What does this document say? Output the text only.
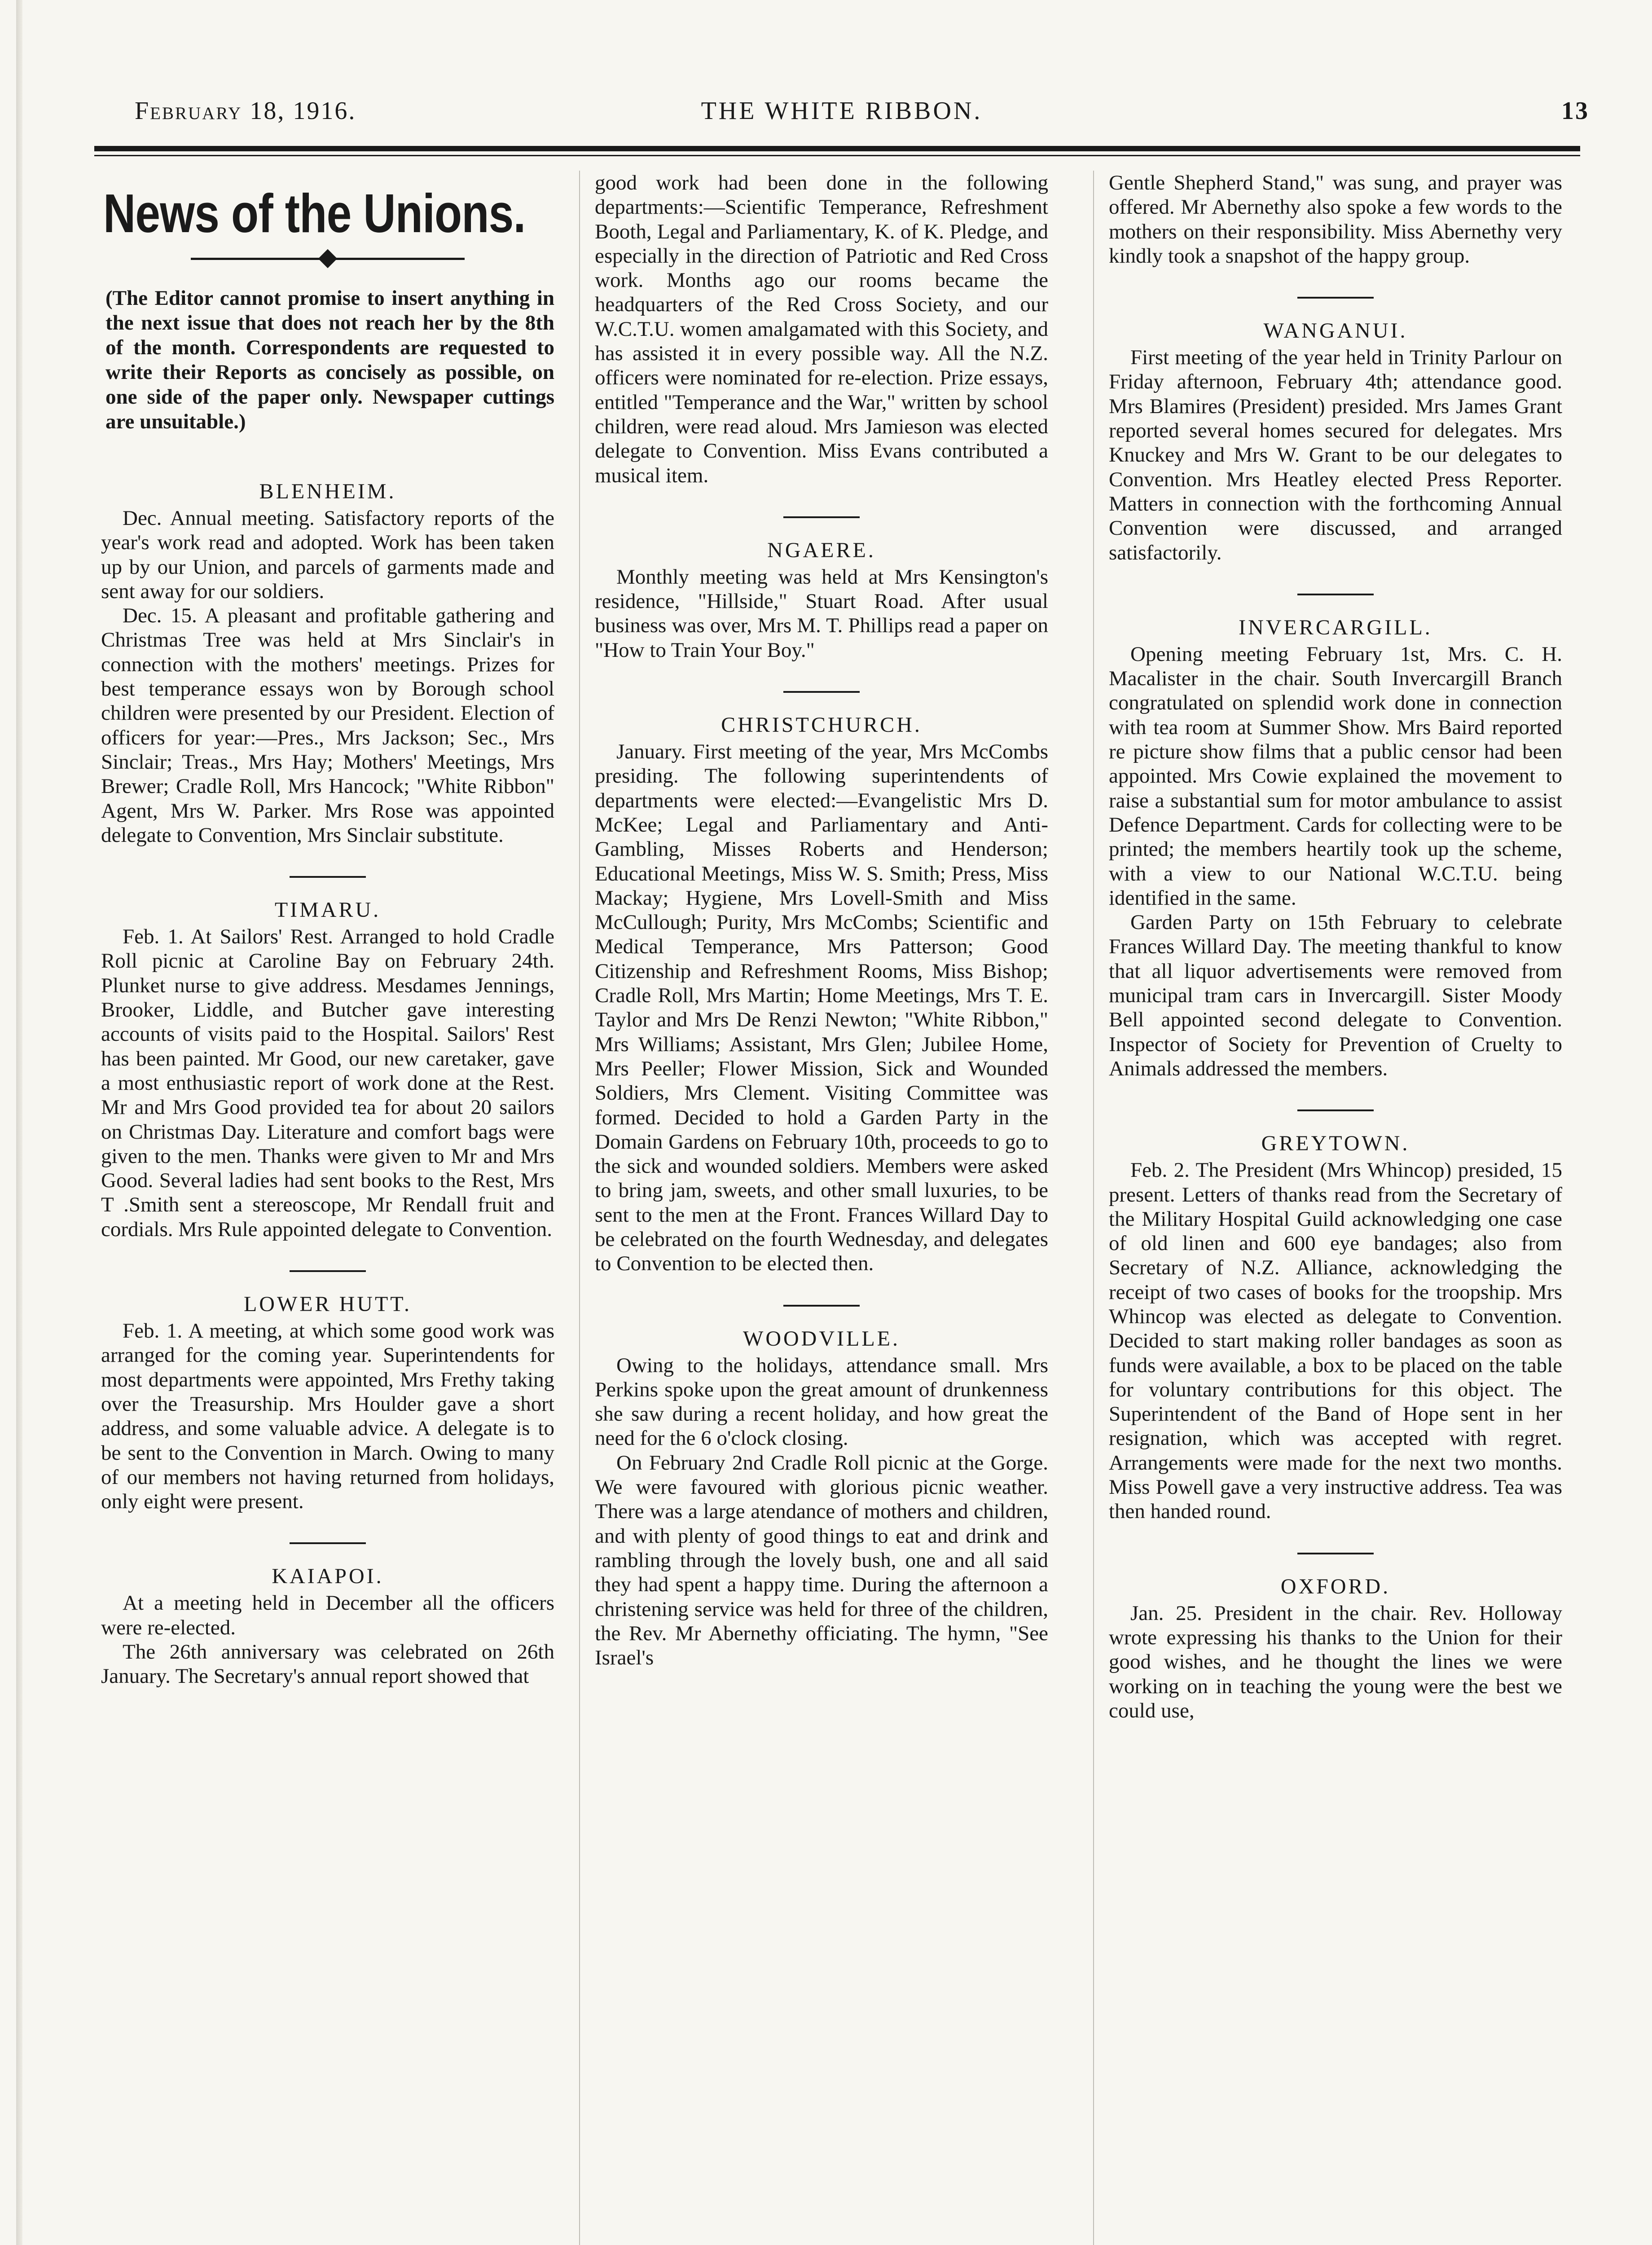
February 18, 1916.	THE WHITE RIBBON.	13
News of the Unions.

(The Editor cannot promise to insert anything in the next issue that does not reach her by the 8th of the month. Correspondents are requested to write their Reports as concisely as possible, on one side of the paper only. Newspaper cuttings are unsuitable.)

BLENHEIM.

Dec. Annual meeting. Satisfactory reports of the year's work read and adopted. Work has been taken up by our Union, and parcels of garments made and sent away for our soldiers.

Dec. 15. A pleasant and profitable gathering and Christmas Tree was held at Mrs Sinclair's in connection with the mothers' meetings. Prizes for best temperance essays won by Borough school children were presented by our President. Election of officers for year:—Pres., Mrs Jackson; Sec., Mrs Sinclair; Treas., Mrs Hay; Mothers' Meetings, Mrs Brewer; Cradle Roll, Mrs Hancock; "White Ribbon" Agent, Mrs W. Parker. Mrs Rose was appointed delegate to Convention, Mrs Sinclair substitute.

TIMARU.

Feb. 1. At Sailors' Rest. Arranged to hold Cradle Roll picnic at Caroline Bay on February 24th. Plunket nurse to give address. Mesdames Jennings, Brooker, Liddle, and Butcher gave interesting accounts of visits paid to the Hospital. Sailors' Rest has been painted. Mr Good, our new caretaker, gave a most enthusiastic report of work done at the Rest. Mr and Mrs Good provided tea for about 20 sailors on Christmas Day. Literature and comfort bags were given to the men. Thanks were given to Mr and Mrs Good. Several ladies had sent books to the Rest, Mrs T .Smith sent a stereoscope, Mr Rendall fruit and cordials. Mrs Rule appointed delegate to Convention.

LOWER HUTT.

Feb. 1. A meeting, at which some good work was arranged for the coming year. Superintendents for most departments were appointed, Mrs Frethy taking over the Treasurship. Mrs Houlder gave a short address, and some valuable advice. A delegate is to be sent to the Convention in March. Owing to many of our members not having returned from holidays, only eight were present.

KAIAPOI.

At a meeting held in December all the officers were re-elected.

The 26th anniversary was celebrated on 26th January. The Secretary's annual report showed that

good work had been done in the following departments:—Scientific Temperance, Refreshment Booth, Legal and Parliamentary, K. of K. Pledge, and especially in the direction of Patriotic and Red Cross work. Months ago our rooms became the headquarters of the Red Cross Society, and our W.C.T.U. women amalgamated with this Society, and has assisted it in every possible way. All the N.Z. officers were nominated for re-election. Prize essays, entitled "Temperance and the War," written by school children, were read aloud. Mrs Jamieson was elected delegate to Convention. Miss Evans contributed a musical item.

NGAERE.

Monthly meeting was held at Mrs Kensington's residence, "Hillside," Stuart Road. After usual business was over, Mrs M. T. Phillips read a paper on "How to Train Your Boy."

CHRISTCHURCH.

January. First meeting of the year, Mrs McCombs presiding. The following superintendents of departments were elected:—Evangelistic Mrs D. McKee; Legal and Parliamentary and Anti-Gambling, Misses Roberts and Henderson; Educational Meetings, Miss W. S. Smith; Press, Miss Mackay; Hygiene, Mrs Lovell-Smith and Miss McCullough; Purity, Mrs McCombs; Scientific and Medical Temperance, Mrs Patterson; Good Citizenship and Refreshment Rooms, Miss Bishop; Cradle Roll, Mrs Martin; Home Meetings, Mrs T. E. Taylor and Mrs De Renzi Newton; "White Ribbon," Mrs Williams; Assistant, Mrs Glen; Jubilee Home, Mrs Peeller; Flower Mission, Sick and Wounded Soldiers, Mrs Clement. Visiting Committee was formed. Decided to hold a Garden Party in the Domain Gardens on February 10th, proceeds to go to the sick and wounded soldiers. Members were asked to bring jam, sweets, and other small luxuries, to be sent to the men at the Front. Frances Willard Day to be celebrated on the fourth Wednesday, and delegates to Convention to be elected then.

WOODVILLE.

Owing to the holidays, attendance small. Mrs Perkins spoke upon the great amount of drunkenness she saw during a recent holiday, and how great the need for the 6 o'clock closing.

On February 2nd Cradle Roll picnic at the Gorge. We were favoured with glorious picnic weather. There was a large atendance of mothers and children, and with plenty of good things to eat and drink and rambling through the lovely bush, one and all said they had spent a happy time. During the afternoon a christening service was held for three of the children, the Rev. Mr Abernethy officiating. The hymn, "See Israel's

Gentle Shepherd Stand," was sung, and prayer was offered. Mr Abernethy also spoke a few words to the mothers on their responsibility. Miss Abernethy very kindly took a snapshot of the happy group.

WANGANUI.

First meeting of the year held in Trinity Parlour on Friday afternoon, February 4th; attendance good. Mrs Blamires (President) presided. Mrs James Grant reported several homes secured for delegates. Mrs Knuckey and Mrs W. Grant to be our delegates to Convention. Mrs Heatley elected Press Reporter. Matters in connection with the forthcoming Annual Convention were discussed, and arranged satisfactorily.

INVERCARGILL.

Opening meeting February 1st, Mrs. C. H. Macalister in the chair. South Invercargill Branch congratulated on splendid work done in connection with tea room at Summer Show. Mrs Baird reported re picture show films that a public censor had been appointed. Mrs Cowie explained the movement to raise a substantial sum for motor ambulance to assist Defence Department. Cards for collecting were to be printed; the members heartily took up the scheme, with a view to our National W.C.T.U. being identified in the same.

Garden Party on 15th February to celebrate Frances Willard Day. The meeting thankful to know that all liquor advertisements were removed from municipal tram cars in Invercargill. Sister Moody Bell appointed second delegate to Convention. Inspector of Society for Prevention of Cruelty to Animals addressed the members.

GREYTOWN.

Feb. 2. The President (Mrs Whincop) presided, 15 present. Letters of thanks read from the Secretary of the Military Hospital Guild acknowledging one case of old linen and 600 eye bandages; also from Secretary of N.Z. Alliance, acknowledging the receipt of two cases of books for the troopship. Mrs Whincop was elected as delegate to Convention. Decided to start making roller bandages as soon as funds were available, a box to be placed on the table for voluntary contributions for this object. The Superintendent of the Band of Hope sent in her resignation, which was accepted with regret. Arrangements were made for the next two months. Miss Powell gave a very instructive address. Tea was then handed round.

OXFORD.

Jan. 25. President in the chair. Rev. Holloway wrote expressing his thanks to the Union for their good wishes, and he thought the lines we were working on in teaching the young were the best we could use,
